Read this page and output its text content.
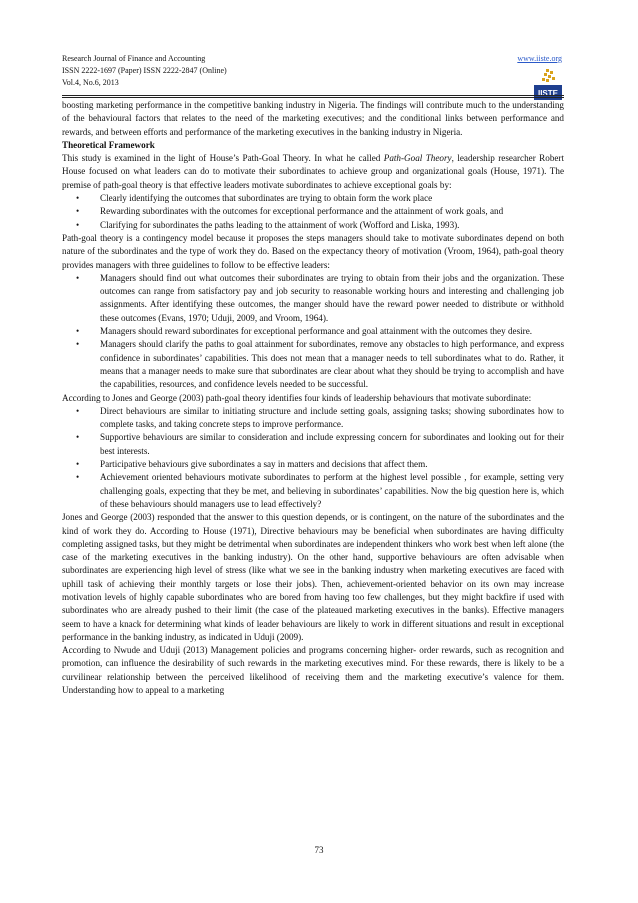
Research Journal of Finance and Accounting
ISSN 2222-1697 (Paper) ISSN 2222-2847 (Online)
Vol.4, No.6, 2013
www.iiste.org
IISTE

boosting marketing performance in the competitive banking industry in Nigeria. The findings will contribute much to the understanding of the behavioural factors that relates to the need of the marketing executives; and the conditional links between performance and rewards, and between efforts and performance of the marketing executives in the banking industry in Nigeria.

Theoretical Framework

This study is examined in the light of House’s Path-Goal Theory. In what he called Path-Goal Theory, leadership researcher Robert House focused on what leaders can do to motivate their subordinates to achieve group and organizational goals (House, 1971). The premise of path-goal theory is that effective leaders motivate subordinates to achieve exceptional goals by:

• Clearly identifying the outcomes that subordinates are trying to obtain form the work place
• Rewarding subordinates with the outcomes for exceptional performance and the attainment of work goals, and
• Clarifying for subordinates the paths leading to the attainment of work (Wofford and Liska, 1993).

Path-goal theory is a contingency model because it proposes the steps managers should take to motivate subordinates depend on both nature of the subordinates and the type of work they do. Based on the expectancy theory of motivation (Vroom, 1964), path-goal theory provides managers with three guidelines to follow to be effective leaders:

• Managers should find out what outcomes their subordinates are trying to obtain from their jobs and the organization. These outcomes can range from satisfactory pay and job security to reasonable working hours and interesting and challenging job assignments. After identifying these outcomes, the manger should have the reward power needed to distribute or withhold these outcomes (Evans, 1970; Uduji, 2009, and Vroom, 1964).
• Managers should reward subordinates for exceptional performance and goal attainment with the outcomes they desire.
• Managers should clarify the paths to goal attainment for subordinates, remove any obstacles to high performance, and express confidence in subordinates’ capabilities. This does not mean that a manager needs to tell subordinates what to do. Rather, it means that a manager needs to make sure that subordinates are clear about what they should be trying to accomplish and have the capabilities, resources, and confidence levels needed to be successful.

According to Jones and George (2003) path-goal theory identifies four kinds of leadership behaviours that motivate subordinate:

• Direct behaviours are similar to initiating structure and include setting goals, assigning tasks; showing subordinates how to complete tasks, and taking concrete steps to improve performance.
• Supportive behaviours are similar to consideration and include expressing concern for subordinates and looking out for their best interests.
• Participative behaviours give subordinates a say in matters and decisions that affect them.
• Achievement oriented behaviours motivate subordinates to perform at the highest level possible , for example, setting very challenging goals, expecting that they be met, and believing in subordinates’ capabilities. Now the big question here is, which of these behaviours should managers use to lead effectively?

Jones and George (2003) responded that the answer to this question depends, or is contingent, on the nature of the subordinates and the kind of work they do. According to House (1971), Directive behaviours may be beneficial when subordinates are having difficulty completing assigned tasks, but they might be detrimental when subordinates are independent thinkers who work best when left alone (the case of the marketing executives in the banking industry). On the other hand, supportive behaviours are often advisable when subordinates are experiencing high level of stress (like what we see in the banking industry when marketing executives are faced with uphill task of achieving their monthly targets or lose their jobs). Then, achievement-oriented behavior on its own may increase motivation levels of highly capable subordinates who are bored from having too few challenges, but they might backfire if used with subordinates who are already pushed to their limit (the case of the plateaued marketing executives in the banks). Effective managers seem to have a knack for determining what kinds of leader behaviours are likely to work in different situations and result in exceptional performance in the banking industry, as indicated in Uduji (2009).

According to Nwude and Uduji (2013) Management policies and programs concerning higher- order rewards, such as recognition and promotion, can influence the desirability of such rewards in the marketing executives mind. For these rewards, there is likely to be a curvilinear relationship between the perceived likelihood of receiving them and the marketing executive’s valence for them. Understanding how to appeal to a marketing

73
